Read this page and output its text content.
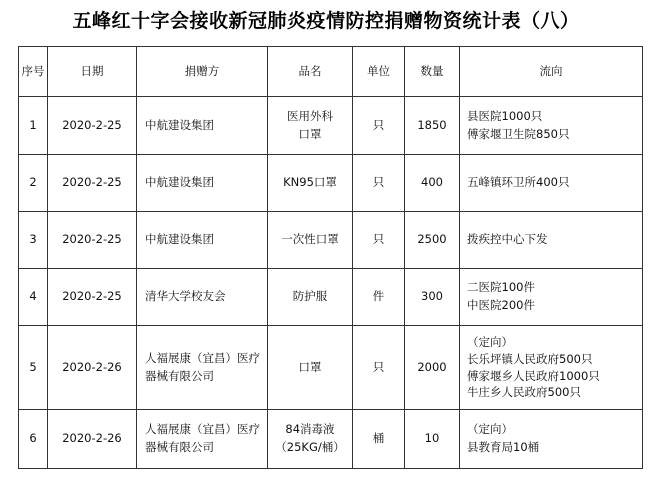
五峰红十字会接收新冠肺炎疫情防控捐赠物资统计表（八）
序号	日期	捐赠方	品名	单位	数量	流向
1	2020-2-25	中航建设集团	医用外科口罩	只	1850	县医院1000只
傅家堰卫生院850只

2	2020-2-25	中航建设集团	KN95口罩	只	400	五峰镇环卫所400只

3	2020-2-25	中航建设集团	一次性口罩	只	2500	拨疾控中心下发

4	2020-2-25	清华大学校友会	防护服	件	300	二医院100件
中医院200件

5	2020-2-26	人福展康（宜昌）医疗器械有限公司	口罩	只	2000	（定向）
长乐坪镇人民政府500只
傅家堰乡人民政府1000只
牛庄乡人民政府500只

6	2020-2-26	人福展康（宜昌）医疗器械有限公司	84消毒液（25KG/桶）	桶	10	（定向）
县教育局10桶
